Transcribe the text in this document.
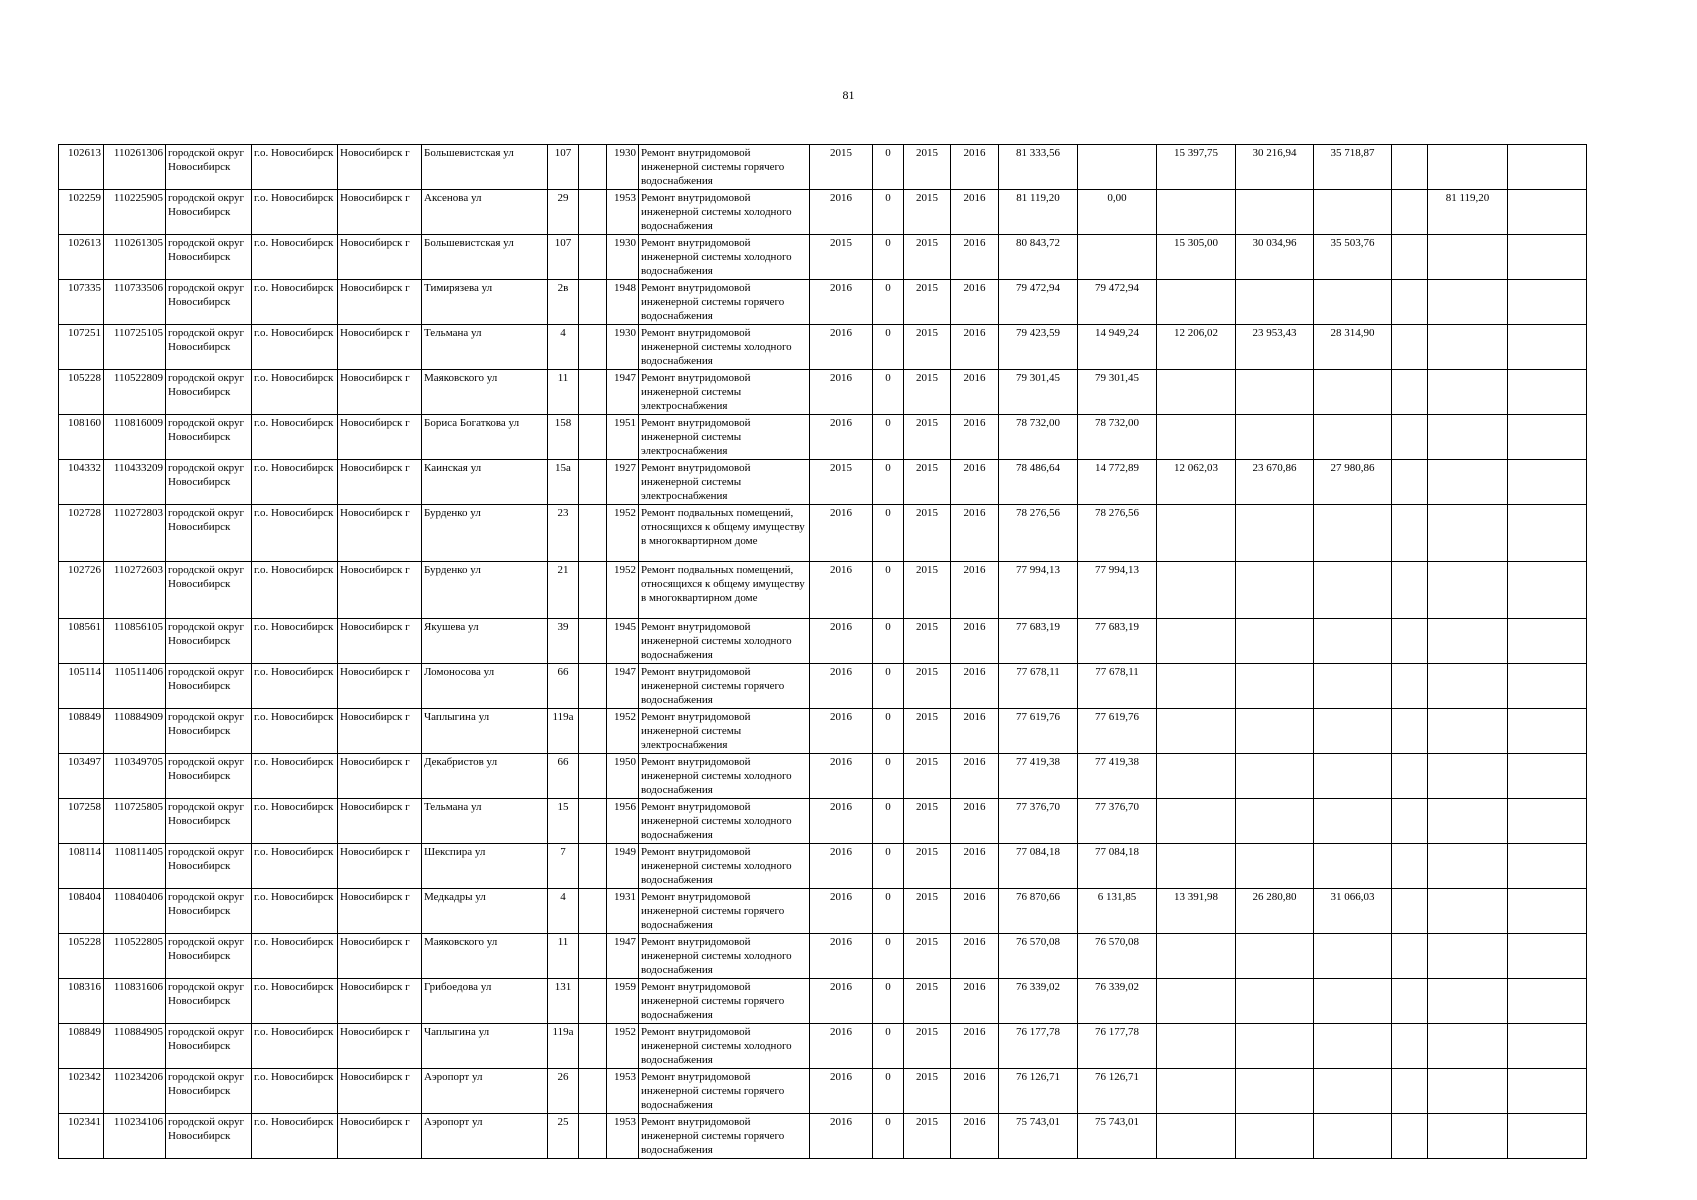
81
102613	110261306	городской округ Новосибирск	г.о. Новосибирск	Новосибирск г	Большевистская ул	107		1930	Ремонт внутридомовой инженерной системы горячего водоснабжения	2015	0	2015	2016	81 333,56		15 397,75	30 216,94	35 718,87			
102259	110225905	городской округ Новосибирск	г.о. Новосибирск	Новосибирск г	Аксенова ул	29		1953	Ремонт внутридомовой инженерной системы холодного водоснабжения	2016	0	2015	2016	81 119,20	0,00					81 119,20	
102613	110261305	городской округ Новосибирск	г.о. Новосибирск	Новосибирск г	Большевистская ул	107		1930	Ремонт внутридомовой инженерной системы холодного водоснабжения	2015	0	2015	2016	80 843,72		15 305,00	30 034,96	35 503,76			
107335	110733506	городской округ Новосибирск	г.о. Новосибирск	Новосибирск г	Тимирязева ул	2в		1948	Ремонт внутридомовой инженерной системы горячего водоснабжения	2016	0	2015	2016	79 472,94	79 472,94						
107251	110725105	городской округ Новосибирск	г.о. Новосибирск	Новосибирск г	Тельмана ул	4		1930	Ремонт внутридомовой инженерной системы холодного водоснабжения	2016	0	2015	2016	79 423,59	14 949,24	12 206,02	23 953,43	28 314,90			
105228	110522809	городской округ Новосибирск	г.о. Новосибирск	Новосибирск г	Маяковского ул	11		1947	Ремонт внутридомовой инженерной системы электроснабжения	2016	0	2015	2016	79 301,45	79 301,45						
108160	110816009	городской округ Новосибирск	г.о. Новосибирск	Новосибирск г	Бориса Богаткова ул	158		1951	Ремонт внутридомовой инженерной системы электроснабжения	2016	0	2015	2016	78 732,00	78 732,00						
104332	110433209	городской округ Новосибирск	г.о. Новосибирск	Новосибирск г	Каинская ул	15а		1927	Ремонт внутридомовой инженерной системы электроснабжения	2015	0	2015	2016	78 486,64	14 772,89	12 062,03	23 670,86	27 980,86			
102728	110272803	городской округ Новосибирск	г.о. Новосибирск	Новосибирск г	Бурденко ул	23		1952	Ремонт подвальных помещений, относящихся к общему имуществу в многоквартирном доме	2016	0	2015	2016	78 276,56	78 276,56						
102726	110272603	городской округ Новосибирск	г.о. Новосибирск	Новосибирск г	Бурденко ул	21		1952	Ремонт подвальных помещений, относящихся к общему имуществу в многоквартирном доме	2016	0	2015	2016	77 994,13	77 994,13						
108561	110856105	городской округ Новосибирск	г.о. Новосибирск	Новосибирск г	Якушева ул	39		1945	Ремонт внутридомовой инженерной системы холодного водоснабжения	2016	0	2015	2016	77 683,19	77 683,19						
105114	110511406	городской округ Новосибирск	г.о. Новосибирск	Новосибирск г	Ломоносова ул	66		1947	Ремонт внутридомовой инженерной системы горячего водоснабжения	2016	0	2015	2016	77 678,11	77 678,11						
108849	110884909	городской округ Новосибирск	г.о. Новосибирск	Новосибирск г	Чаплыгина ул	119а		1952	Ремонт внутридомовой инженерной системы электроснабжения	2016	0	2015	2016	77 619,76	77 619,76						
103497	110349705	городской округ Новосибирск	г.о. Новосибирск	Новосибирск г	Декабристов ул	66		1950	Ремонт внутридомовой инженерной системы холодного водоснабжения	2016	0	2015	2016	77 419,38	77 419,38						
107258	110725805	городской округ Новосибирск	г.о. Новосибирск	Новосибирск г	Тельмана ул	15		1956	Ремонт внутридомовой инженерной системы холодного водоснабжения	2016	0	2015	2016	77 376,70	77 376,70						
108114	110811405	городской округ Новосибирск	г.о. Новосибирск	Новосибирск г	Шекспира ул	7		1949	Ремонт внутридомовой инженерной системы холодного водоснабжения	2016	0	2015	2016	77 084,18	77 084,18						
108404	110840406	городской округ Новосибирск	г.о. Новосибирск	Новосибирск г	Медкадры ул	4		1931	Ремонт внутридомовой инженерной системы горячего водоснабжения	2016	0	2015	2016	76 870,66	6 131,85	13 391,98	26 280,80	31 066,03			
105228	110522805	городской округ Новосибирск	г.о. Новосибирск	Новосибирск г	Маяковского ул	11		1947	Ремонт внутридомовой инженерной системы холодного водоснабжения	2016	0	2015	2016	76 570,08	76 570,08						
108316	110831606	городской округ Новосибирск	г.о. Новосибирск	Новосибирск г	Грибоедова ул	131		1959	Ремонт внутридомовой инженерной системы горячего водоснабжения	2016	0	2015	2016	76 339,02	76 339,02						
108849	110884905	городской округ Новосибирск	г.о. Новосибирск	Новосибирск г	Чаплыгина ул	119а		1952	Ремонт внутридомовой инженерной системы холодного водоснабжения	2016	0	2015	2016	76 177,78	76 177,78						
102342	110234206	городской округ Новосибирск	г.о. Новосибирск	Новосибирск г	Аэропорт ул	26		1953	Ремонт внутридомовой инженерной системы горячего водоснабжения	2016	0	2015	2016	76 126,71	76 126,71						
102341	110234106	городской округ Новосибирск	г.о. Новосибирск	Новосибирск г	Аэропорт ул	25		1953	Ремонт внутридомовой инженерной системы горячего водоснабжения	2016	0	2015	2016	75 743,01	75 743,01						
